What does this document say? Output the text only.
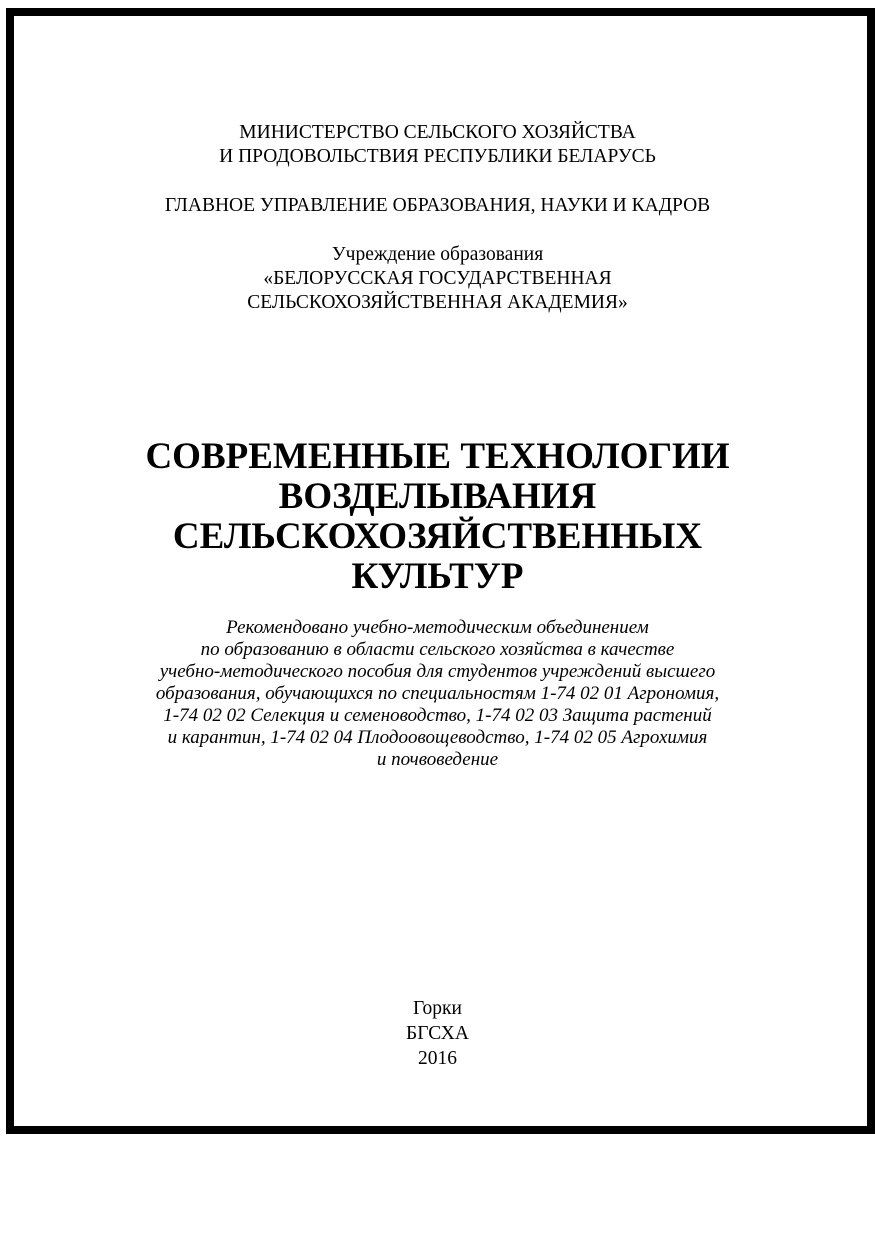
МИНИСТЕРСТВО СЕЛЬСКОГО ХОЗЯЙСТВА
И ПРОДОВОЛЬСТВИЯ РЕСПУБЛИКИ БЕЛАРУСЬ
ГЛАВНОЕ УПРАВЛЕНИЕ ОБРАЗОВАНИЯ, НАУКИ И КАДРОВ
Учреждение образования
«БЕЛОРУССКАЯ ГОСУДАРСТВЕННАЯ
СЕЛЬСКОХОЗЯЙСТВЕННАЯ АКАДЕМИЯ»
СОВРЕМЕННЫЕ ТЕХНОЛОГИИ
ВОЗДЕЛЫВАНИЯ
СЕЛЬСКОХОЗЯЙСТВЕННЫХ
КУЛЬТУР
Рекомендовано учебно-методическим объединением
по образованию в области сельского хозяйства в качестве
учебно-методического пособия для студентов учреждений высшего
образования, обучающихся по специальностям 1-74 02 01 Агрономия,
1-74 02 02 Селекция и семеноводство, 1-74 02 03 Защита растений
и карантин, 1-74 02 04 Плодоовощеводство, 1-74 02 05 Агрохимия
и почвоведение
Горки
БГСХА
2016
